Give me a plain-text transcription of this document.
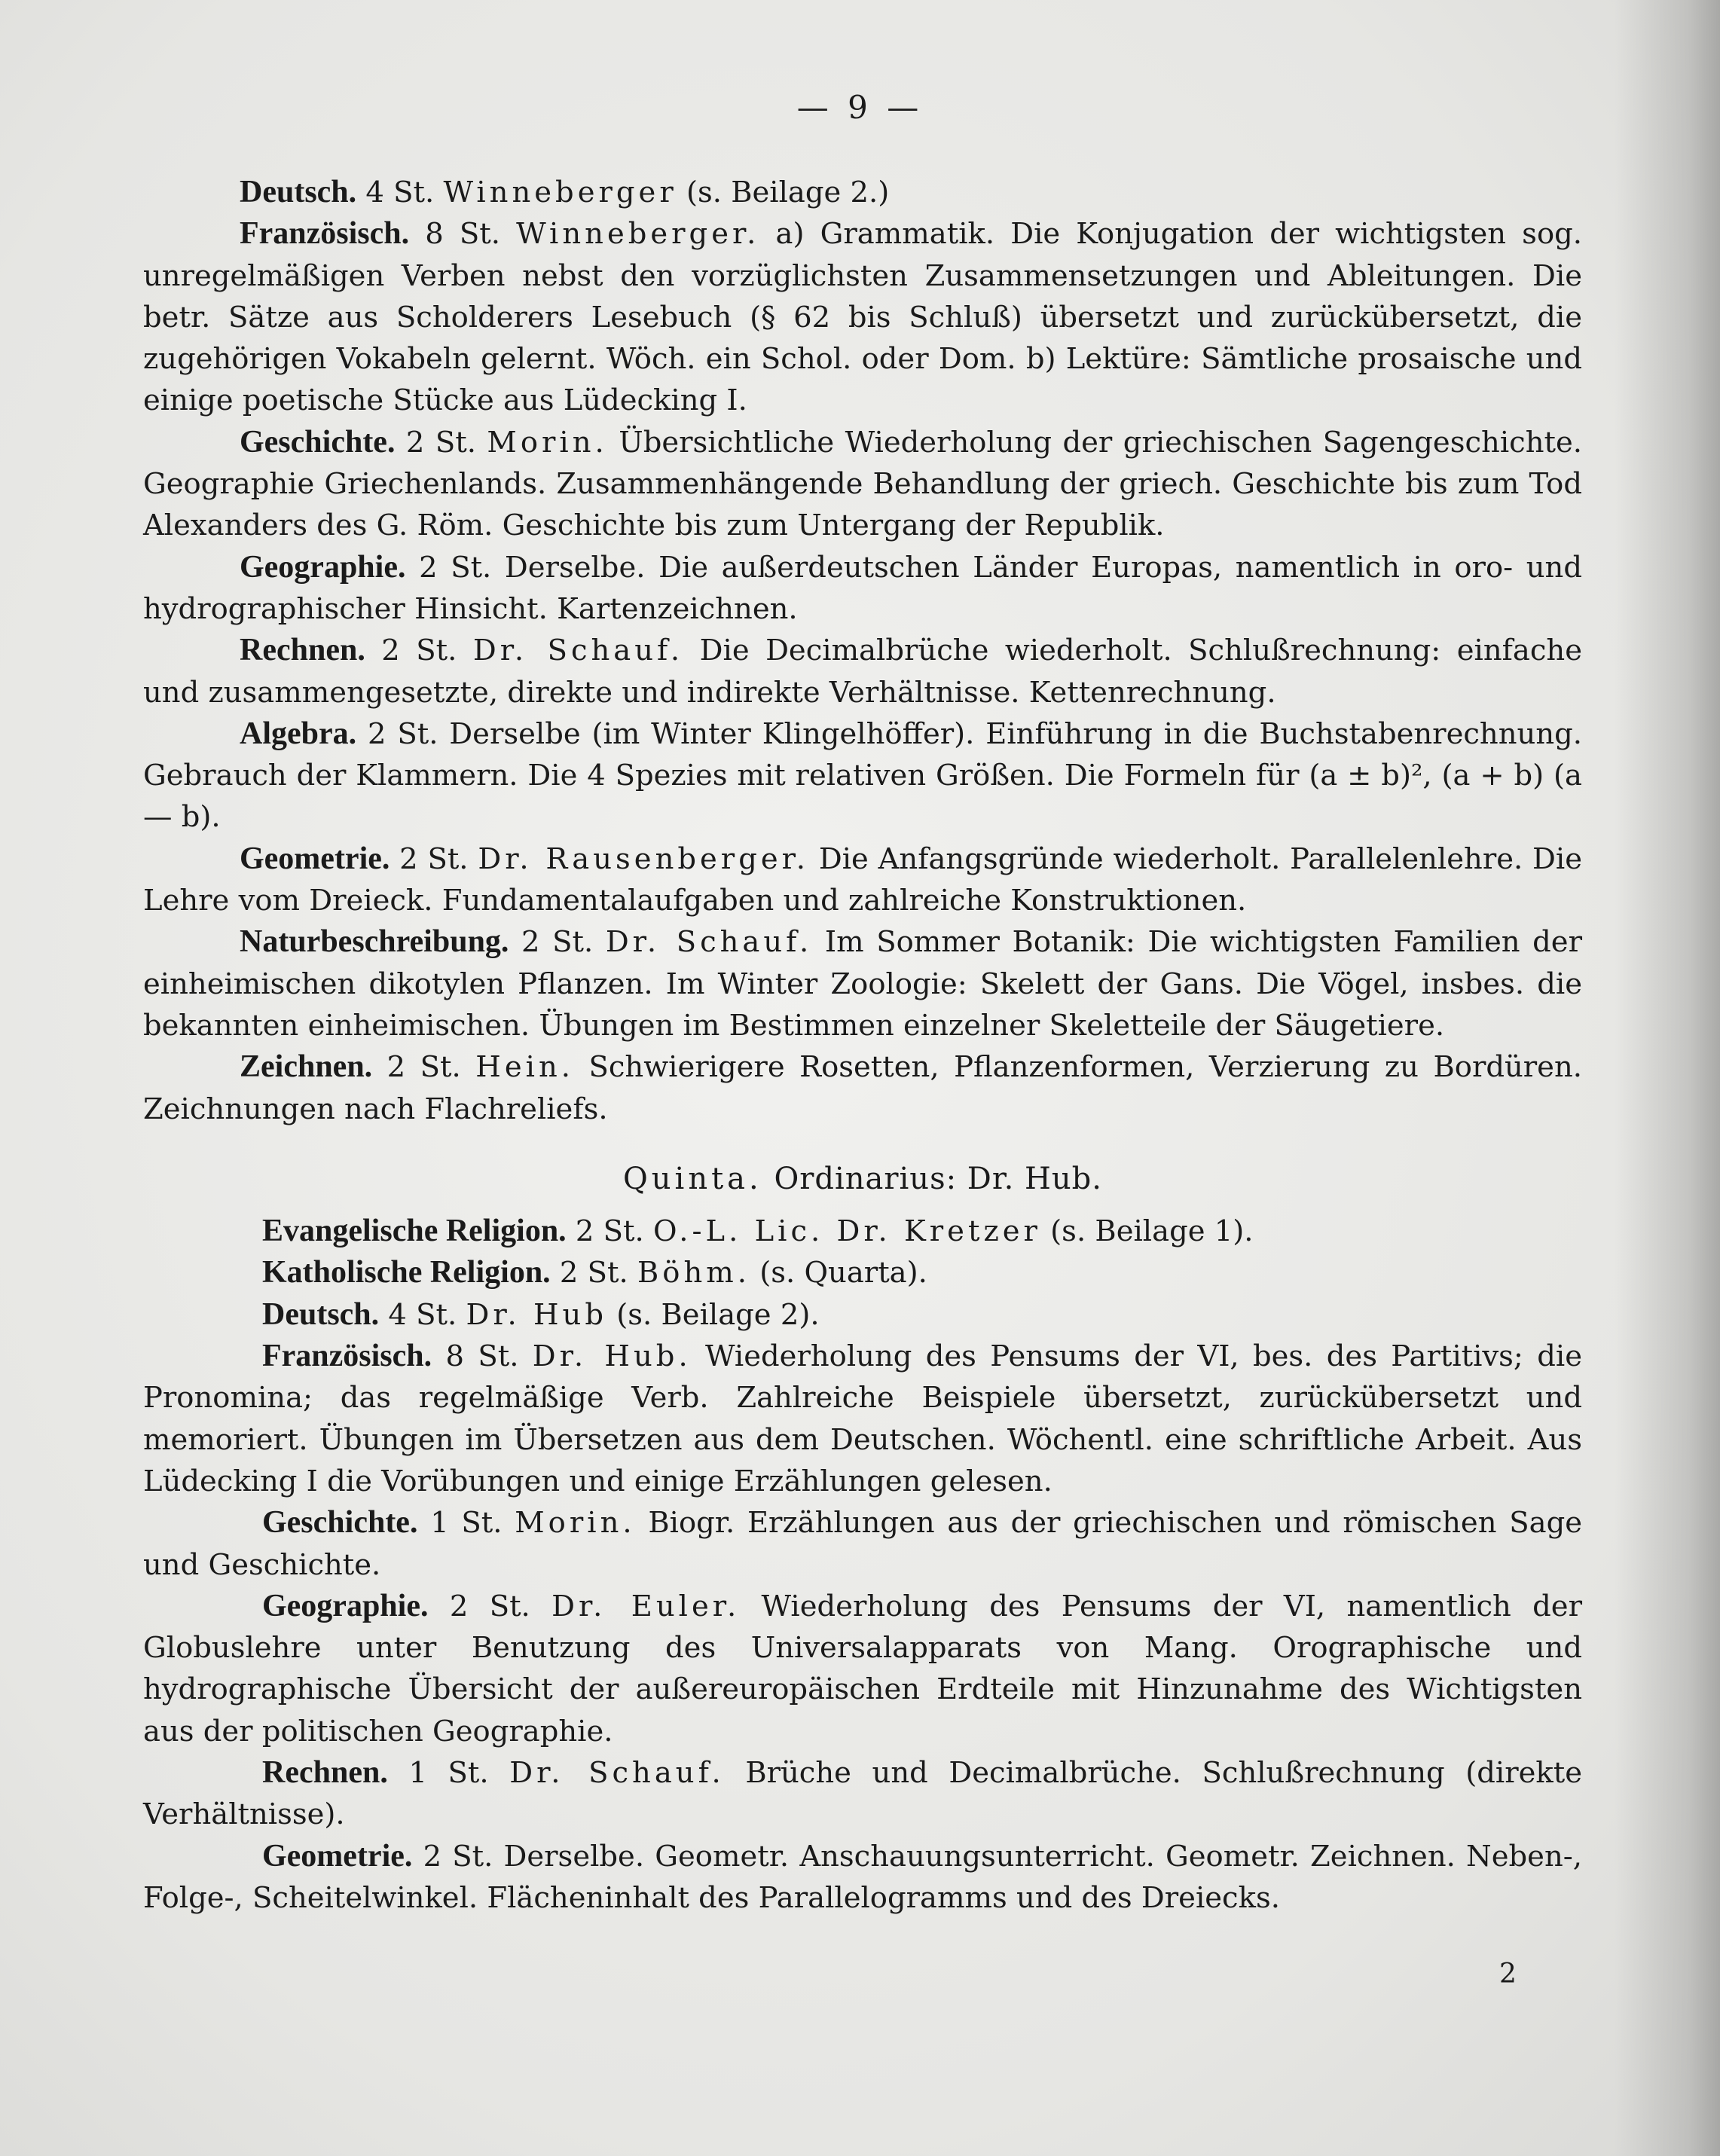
— 9 —

Deutsch. 4 St. Winneberger (s. Beilage 2.)

Französisch. 8 St. Winneberger. a) Grammatik. Die Konjugation der wichtigsten sog. unregelmäßigen Verben nebst den vorzüglichsten Zusammensetzungen und Ableitungen. Die betr. Sätze aus Scholderers Lesebuch (§ 62 bis Schluß) übersetzt und zurückübersetzt, die zugehörigen Vokabeln gelernt. Wöch. ein Schol. oder Dom. b) Lektüre: Sämtliche prosaische und einige poetische Stücke aus Lüdecking I.

Geschichte. 2 St. Morin. Übersichtliche Wiederholung der griechischen Sagengeschichte. Geographie Griechenlands. Zusammenhängende Behandlung der griech. Geschichte bis zum Tod Alexanders des G. Röm. Geschichte bis zum Untergang der Republik.

Geographie. 2 St. Derselbe. Die außerdeutschen Länder Europas, namentlich in oro- und hydrographischer Hinsicht. Kartenzeichnen.

Rechnen. 2 St. Dr. Schauf. Die Decimalbrüche wiederholt. Schlußrechnung: einfache und zusammengesetzte, direkte und indirekte Verhältnisse. Kettenrechnung.

Algebra. 2 St. Derselbe (im Winter Klingelhöffer). Einführung in die Buchstabenrechnung. Gebrauch der Klammern. Die 4 Spezies mit relativen Größen. Die Formeln für (a ± b)², (a + b) (a — b).

Geometrie. 2 St. Dr. Rausenberger. Die Anfangsgründe wiederholt. Parallelenlehre. Die Lehre vom Dreieck. Fundamentalaufgaben und zahlreiche Konstruktionen.

Naturbeschreibung. 2 St. Dr. Schauf. Im Sommer Botanik: Die wichtigsten Familien der einheimischen dikotylen Pflanzen. Im Winter Zoologie: Skelett der Gans. Die Vögel, insbes. die bekannten einheimischen. Übungen im Bestimmen einzelner Skeletteile der Säugetiere.

Zeichnen. 2 St. Hein. Schwierigere Rosetten, Pflanzenformen, Verzierung zu Bordüren. Zeichnungen nach Flachreliefs.

Quinta. Ordinarius: Dr. Hub.

Evangelische Religion. 2 St. O.-L. Lic. Dr. Kretzer (s. Beilage 1).

Katholische Religion. 2 St. Böhm. (s. Quarta).

Deutsch. 4 St. Dr. Hub (s. Beilage 2).

Französisch. 8 St. Dr. Hub. Wiederholung des Pensums der VI, bes. des Partitivs; die Pronomina; das regelmäßige Verb. Zahlreiche Beispiele übersetzt, zurückübersetzt und memoriert. Übungen im Übersetzen aus dem Deutschen. Wöchentl. eine schriftliche Arbeit. Aus Lüdecking I die Vorübungen und einige Erzählungen gelesen.

Geschichte. 1 St. Morin. Biogr. Erzählungen aus der griechischen und römischen Sage und Geschichte.

Geographie. 2 St. Dr. Euler. Wiederholung des Pensums der VI, namentlich der Globuslehre unter Benutzung des Universalapparats von Mang. Orographische und hydrographische Übersicht der außereuropäischen Erdteile mit Hinzunahme des Wichtigsten aus der politischen Geographie.

Rechnen. 1 St. Dr. Schauf. Brüche und Decimalbrüche. Schlußrechnung (direkte Verhältnisse).

Geometrie. 2 St. Derselbe. Geometr. Anschauungsunterricht. Geometr. Zeichnen. Neben-, Folge-, Scheitelwinkel. Flächeninhalt des Parallelogramms und des Dreiecks.

2
